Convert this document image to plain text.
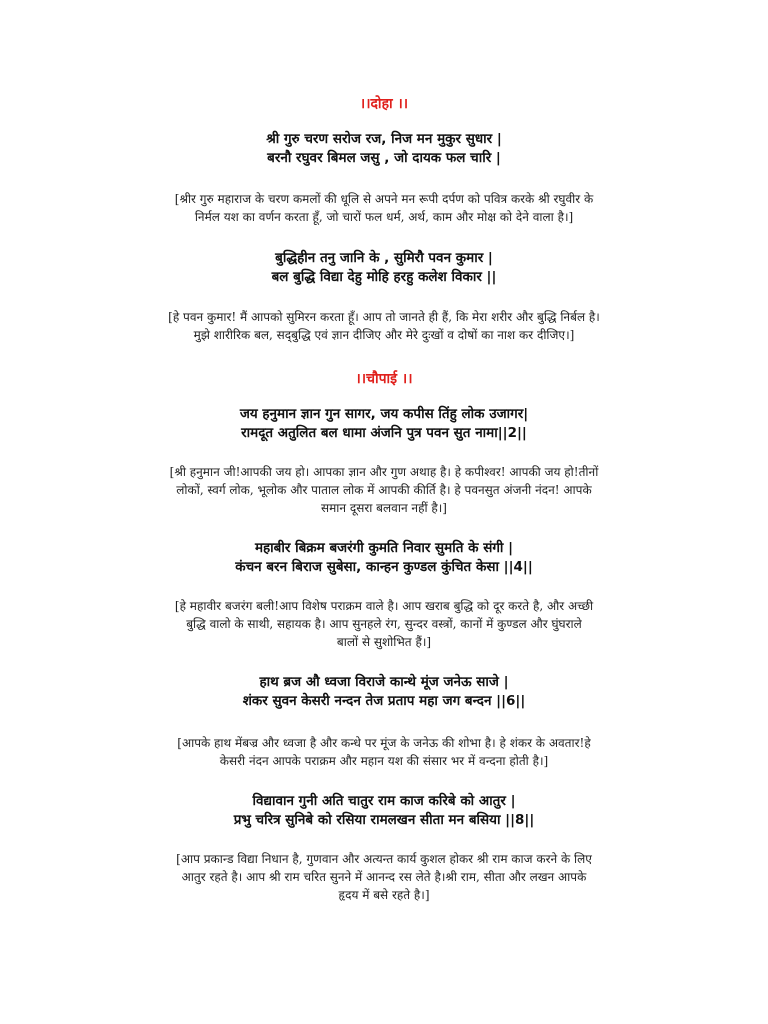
।।दोहा ।।
श्री गुरु चरण सरोज रज, निज मन मुकुर सुधार |
बरनौ रघुवर बिमल जसु , जो दायक फल चारि |
[श्रीर गुरु महाराज के चरण कमलों की धूलि से अपने मन रूपी दर्पण को पवित्र करके श्री रघुवीर के
निर्मल यश का वर्णन करता हूँ, जो चारों फल धर्म, अर्थ, काम और मोक्ष को देने वाला है।]
बुद्धिहीन तनु जानि के , सुमिरौ पवन कुमार |
बल बुद्धि विद्या देहु मोहि हरहु कलेश विकार ||
[हे पवन कुमार! मैं आपको सुमिरन करता हूँ। आप तो जानते ही हैं, कि मेरा शरीर और बुद्धि निर्बल है।
मुझे शारीरिक बल, सद्‍बुद्धि एवं ज्ञान दीजिए और मेरे दुःखों व दोषों का नाश कर दीजिए।]
।।चौपाई ।।
जय हनुमान ज्ञान गुन सागर, जय कपीस तिंहु लोक उजागर|
रामदूत अतुलित बल धामा अंजनि पुत्र पवन सुत नामा||2||
[श्री हनुमान जी!आपकी जय हो। आपका ज्ञान और गुण अथाह है। हे कपीश्वर! आपकी जय हो!तीनों
लोकों, स्वर्ग लोक, भूलोक और पाताल लोक में आपकी कीर्ति है। हे पवनसुत अंजनी नंदन! आपके
समान दूसरा बलवान नहीं है।]
महाबीर बिक्रम बजरंगी कुमति निवार सुमति के संगी |
कंचन बरन बिराज सुबेसा, कान्हन कुण्डल कुंचित केसा ||4||
[हे महावीर बजरंग बली!आप विशेष पराक्रम वाले है। आप खराब बुद्धि को दूर करते है, और अच्छी
बुद्धि वालो के साथी, सहायक है। आप सुनहले रंग, सुन्दर वस्त्रों, कानों में कुण्डल और घुंघराले
बालों से सुशोभित हैं।]
हाथ ब्रज औ ध्वजा विराजे कान्थे मूंज जनेऊ साजे |
शंकर सुवन केसरी नन्दन तेज प्रताप महा जग बन्दन ||6||
[आपके हाथ मेंबज्र और ध्वजा है और कन्धे पर मूंज के जनेऊ की शोभा है। हे शंकर के अवतार!हे
केसरी नंदन आपके पराक्रम और महान यश की संसार भर में वन्दना होती है।]
विद्यावान गुनी अति चातुर राम काज करिबे को आतुर |
प्रभु चरित्र सुनिबे को रसिया रामलखन सीता मन बसिया ||8||
[आप प्रकान्ड विद्या निधान है, गुणवान और अत्यन्त कार्य कुशल होकर श्री राम काज करने के लिए
आतुर रहते है। आप श्री राम चरित सुनने में आनन्द रस लेते है।श्री राम, सीता और लखन आपके
हृदय में बसे रहते है।]
